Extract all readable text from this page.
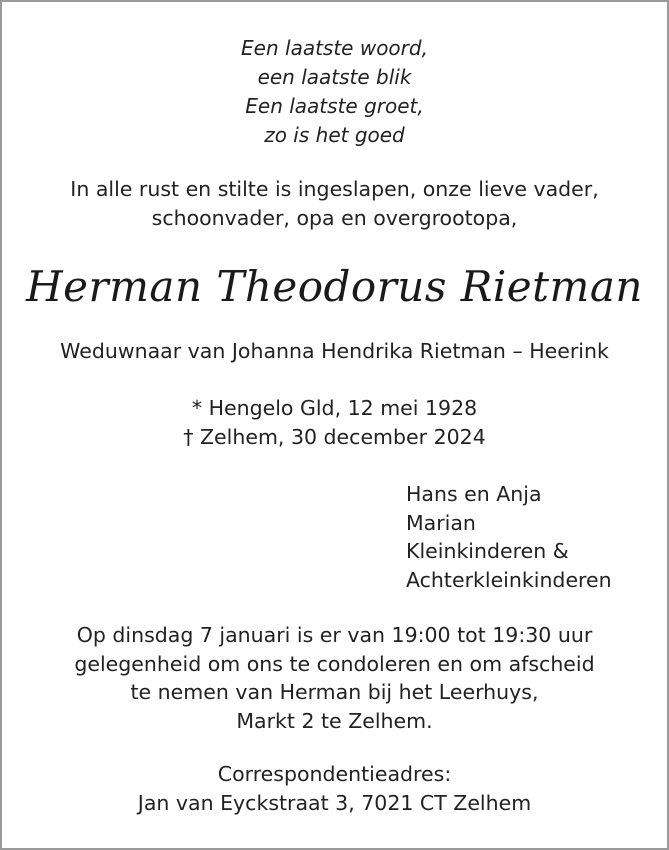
Een laatste woord,
een laatste blik
Een laatste groet,
zo is het goed
In alle rust en stilte is ingeslapen, onze lieve vader,
schoonvader, opa en overgrootopa,
Herman Theodorus Rietman
Weduwnaar van Johanna Hendrika Rietman – Heerink
* Hengelo Gld, 12 mei 1928
† Zelhem, 30 december 2024
Hans en Anja
Marian
Kleinkinderen &
Achterkleinkinderen
Op dinsdag 7 januari is er van 19:00 tot 19:30 uur
gelegenheid om ons te condoleren en om afscheid
te nemen van Herman bij het Leerhuys,
Markt 2 te Zelhem.
Correspondentieadres:
Jan van Eyckstraat 3, 7021 CT Zelhem
